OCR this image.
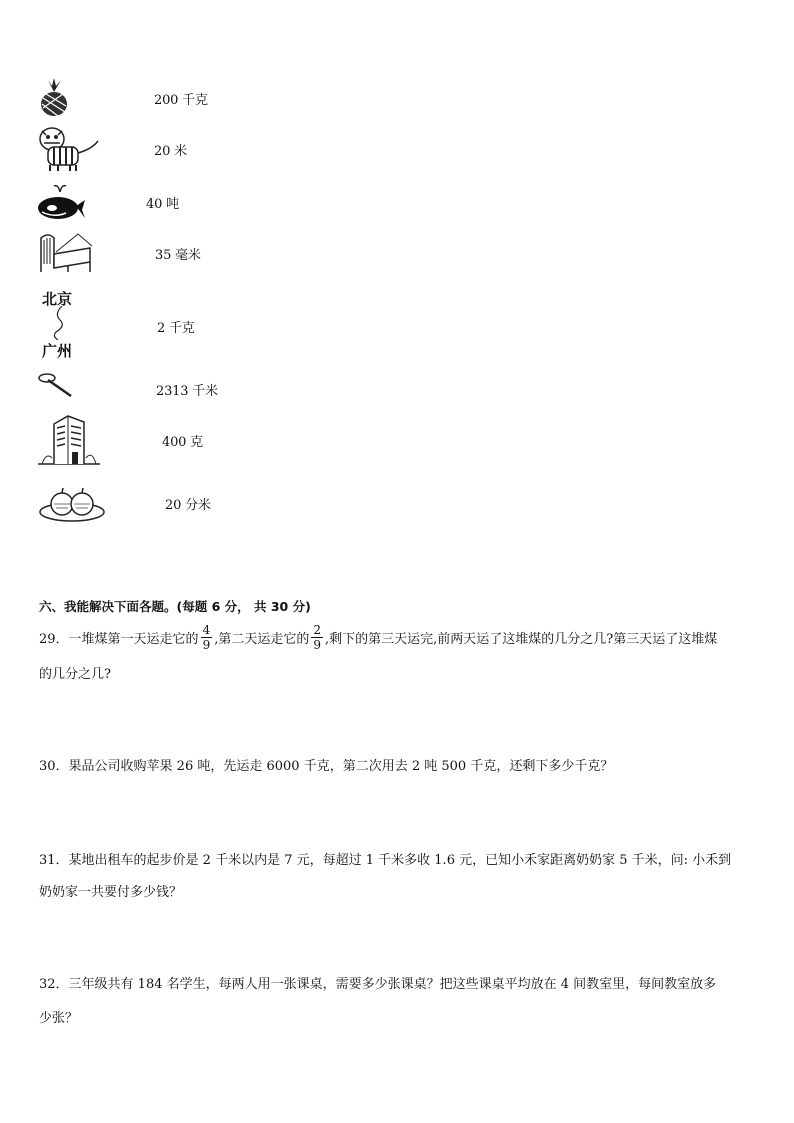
200 千克
20 米
40 吨
35 毫米
北京
广州
2 千克
2313 千米
400 克
20 分米
六、我能解决下面各题。(每题 6 分， 共 30 分)
29．一堆煤第一天运走它的 $\frac{4}{9}$ ,第二天运走它的 $\frac{2}{9}$ ,剩下的第三天运完,前两天运了这堆煤的几分之几?第三天运了这堆煤
的几分之几?
30．果品公司收购苹果 26 吨，先运走 6000 千克，第二次用去 2 吨 500 千克，还剩下多少千克？
31．某地出租车的起步价是 2 千米以内是 7 元，每超过 1 千米多收 1.6 元，已知小禾家距离奶奶家 5 千米，问: 小禾到
奶奶家一共要付多少钱？
32．三年级共有 184 名学生，每两人用一张课桌，需要多少张课桌？把这些课桌平均放在 4 间教室里，每间教室放多
少张？
